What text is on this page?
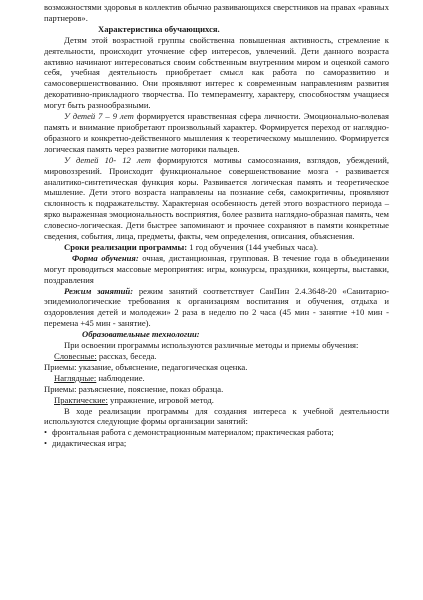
возможностями здоровья в коллектив обычно развивающихся сверстников на правах «равных партнеров».

Характеристика обучающихся.

Детям этой возрастной группы свойственна повышенная активность, стремление к деятельности, происходит уточнение сфер интересов, увлечений. Дети данного возраста активно начинают интересоваться своим собственным внутренним миром и оценкой самого себя, учебная деятельность приобретает смысл как работа по саморазвитию и самосовершенствованию. Они проявляют интерес к современным направлениям развития декоративно-прикладного творчества. По темпераменту, характеру, способностям учащиеся могут быть разнообразными.

У детей 7 – 9 лет формируется нравственная сфера личности. Эмоционально-волевая память и внимание приобретают произвольный характер. Формируется переход от наглядно-образного и конкретно-действенного мышления к теоретическому мышлению. Формируется логическая память через развитие моторики пальцев.

У детей 10- 12 лет формируются мотивы самосознания, взглядов, убеждений, мировоззрений. Происходит функциональное совершенствование мозга - развивается аналитико-синтетическая функция коры. Развивается логическая память и теоретическое мышление. Дети этого возраста направлены на познание себя, самокритичны, проявляют склонность к подражательству. Характерная особенность детей этого возрастного периода – ярко выраженная эмоциональность восприятия, более развита наглядно-образная память, чем словесно-логическая. Дети быстрее запоминают и прочнее сохраняют в памяти конкретные сведения, события, лица, предметы, факты, чем определения, описания, объяснения.

Сроки реализации программы: 1 год обучения (144 учебных часа).

Форма обучения: очная, дистанционная, групповая. В течение года в объединении могут проводиться массовые мероприятия: игры, конкурсы, праздники, концерты, выставки, поздравления

Режим занятий: режим занятий соответствует СанПин 2.4.3648-20 «Санитарно-эпидемиологические требования к организациям воспитания и обучения, отдыха и оздоровления детей и молодежи» 2 раза в неделю по 2 часа (45 мин - занятие +10 мин - перемена +45 мин - занятие).

Образовательные технологии:

При освоении программы используются различные методы и приемы обучения:

Словесные: рассказ, беседа.

Приемы: указание, объяснение, педагогическая оценка.

Наглядные: наблюдение.

Приемы: разъяснение, пояснение, показ образца.

Практические: упражнение, игровой метод.

В ходе реализации программы для создания интереса к учебной деятельности используются следующие формы организации занятий:

• фронтальная работа с демонстрационным материалом; практическая работа;

• дидактическая игра;
